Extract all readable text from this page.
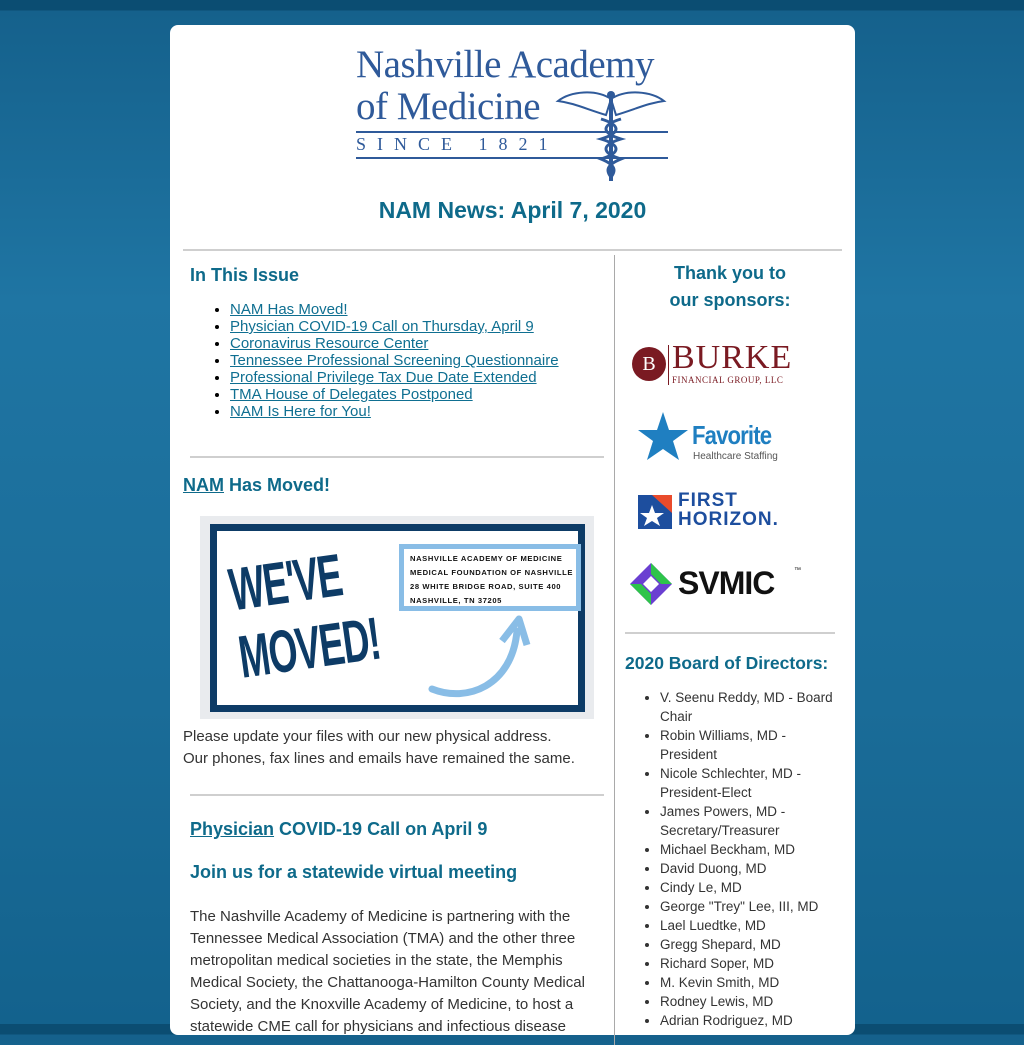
Nashville Academy
of Medicine
SINCE 1821
NAM News: April 7, 2020
In This Issue
• NAM Has Moved!
• Physician COVID-19 Call on Thursday, April 9
• Coronavirus Resource Center
• Tennessee Professional Screening Questionnaire
• Professional Privilege Tax Due Date Extended
• TMA House of Delegates Postponed
• NAM Is Here for You!
NAM Has Moved!
WE'VE MOVED!
NASHVILLE ACADEMY OF MEDICINE
MEDICAL FOUNDATION OF NASHVILLE
28 WHITE BRIDGE ROAD, SUITE 400
NASHVILLE, TN 37205

Please update your files with our new physical address.
Our phones, fax lines and emails have remained the same.

Physician COVID-19 Call on April 9
Join us for a statewide virtual meeting

The Nashville Academy of Medicine is partnering with the Tennessee Medical Association (TMA) and the other three metropolitan medical societies in the state, the Memphis Medical Society, the Chattanooga-Hamilton County Medical Society, and the Knoxville Academy of Medicine, to host a statewide CME call for physicians and infectious disease

Thank you to
our sponsors:
B BURKE
FINANCIAL GROUP, LLC
Favorite
Healthcare Staffing
FIRST
HORIZON.
SVMIC	™
2020 Board of Directors:
• V. Seenu Reddy, MD - Board Chair
• Robin Williams, MD - President
• Nicole Schlechter, MD - President-Elect
• James Powers, MD - Secretary/Treasurer
• Michael Beckham, MD
• David Duong, MD
• Cindy Le, MD
• George "Trey" Lee, III, MD
• Lael Luedtke, MD
• Gregg Shepard, MD
• Richard Soper, MD
• M. Kevin Smith, MD
• Rodney Lewis, MD
• Adrian Rodriguez, MD
